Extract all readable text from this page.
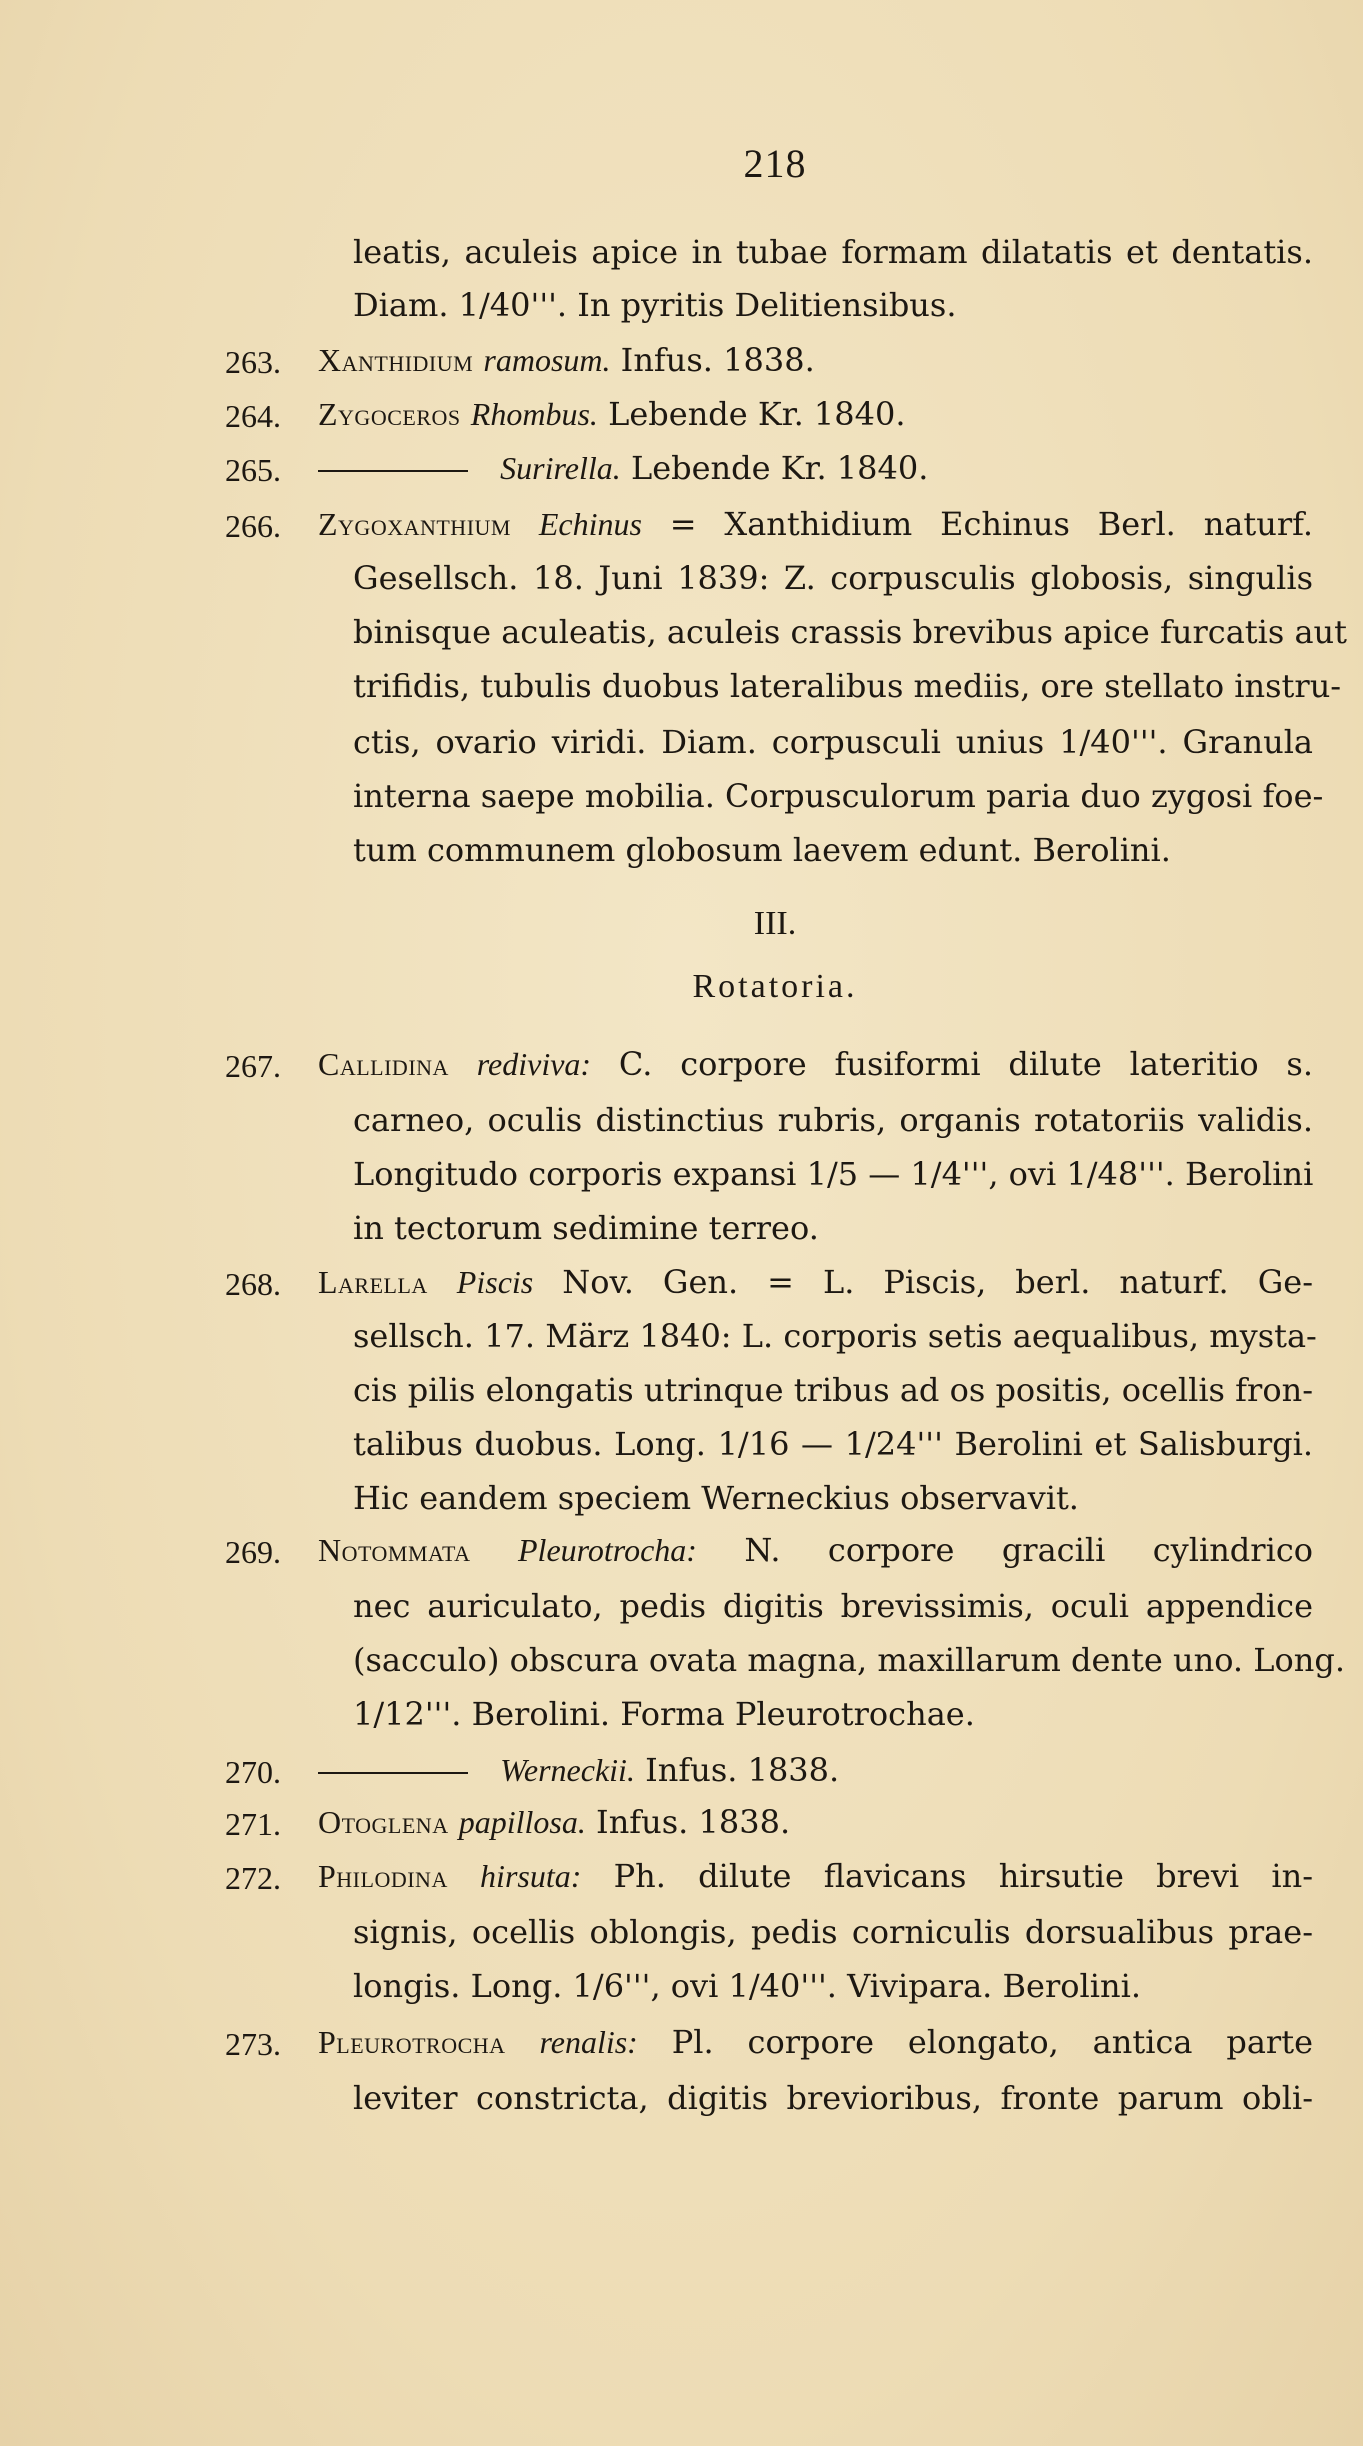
218
leatis, aculeis apice in tubae formam dilatatis et dentatis.
Diam. 1/40'''. In pyritis Delitiensibus.
263. Xanthidium ramosum. Infus. 1838.
264. Zygoceros Rhombus. Lebende Kr. 1840.
265.	Surirella. Lebende Kr. 1840.
266. Zygoxanthium Echinus = Xanthidium Echinus Berl. naturf.
Gesellsch. 18. Juni 1839: Z. corpusculis globosis, singulis
binisque aculeatis, aculeis crassis brevibus apice furcatis aut
trifidis, tubulis duobus lateralibus mediis, ore stellato instru-
ctis, ovario viridi. Diam. corpusculi unius 1/40'''. Granula
interna saepe mobilia. Corpusculorum paria duo zygosi foe-
tum communem globosum laevem edunt. Berolini.
III.
Rotatoria.
267. Callidina rediviva: C. corpore fusiformi dilute lateritio s.
carneo, oculis distinctius rubris, organis rotatoriis validis.
Longitudo corporis expansi 1/5 — 1/4''', ovi 1/48'''. Berolini
in tectorum sedimine terreo.
268. Larella Piscis Nov. Gen. = L. Piscis, berl. naturf. Ge-
sellsch. 17. März 1840: L. corporis setis aequalibus, mysta-
cis pilis elongatis utrinque tribus ad os positis, ocellis fron-
talibus duobus. Long. 1/16 — 1/24''' Berolini et Salisburgi.
Hic eandem speciem Werneckius observavit.
269. Notommata Pleurotrocha: N. corpore gracili cylindrico
nec auriculato, pedis digitis brevissimis, oculi appendice
(sacculo) obscura ovata magna, maxillarum dente uno. Long.
1/12'''. Berolini. Forma Pleurotrochae.
270.	Werneckii. Infus. 1838.
271. Otoglena papillosa. Infus. 1838.
272. Philodina hirsuta: Ph. dilute flavicans hirsutie brevi in-
signis, ocellis oblongis, pedis corniculis dorsualibus prae-
longis. Long. 1/6''', ovi 1/40'''. Vivipara. Berolini.
273. Pleurotrocha renalis: Pl. corpore elongato, antica parte
leviter constricta, digitis brevioribus, fronte parum obli-
